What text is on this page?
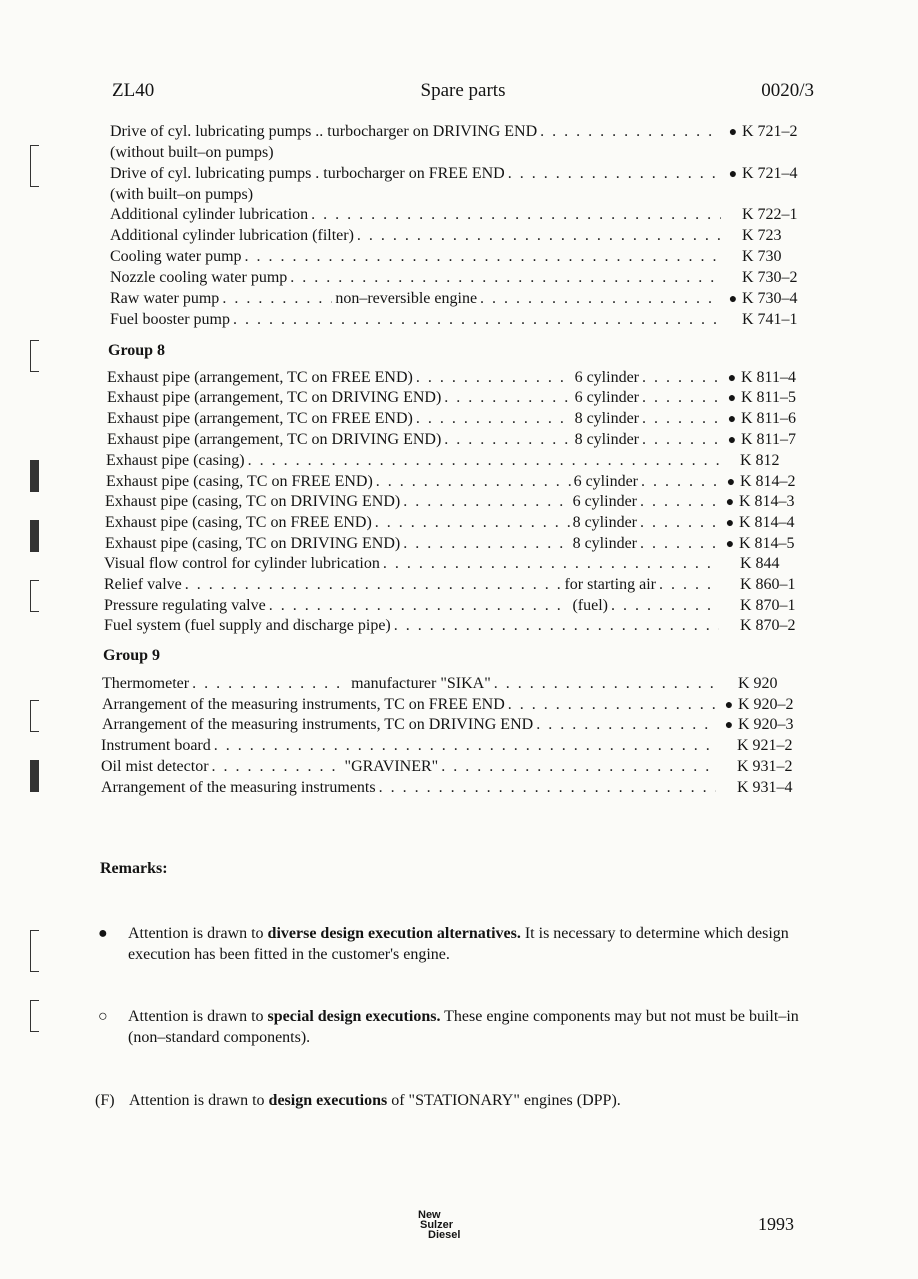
ZL40	Spare parts	0020/3
Drive of cyl. lubricating pumps .. turbocharger on DRIVING END . . .	● K 721–2
(without built–on pumps)
Drive of cyl. lubricating pumps . turbocharger on FREE END . . .	● K 721–4
(with built–on pumps)
Additional cylinder lubrication . . .	K 722–1
Additional cylinder lubrication (filter) . . .	K 723
Cooling water pump . . .	K 730
Nozzle cooling water pump . . .	K 730–2
Raw water pump . . .	non–reversible engine . . .	● K 730–4
Fuel booster pump . . .	K 741–1
Group 8
Exhaust pipe (arrangement, TC on FREE END) . . .	6 cylinder . . .	● K 811–4
Exhaust pipe (arrangement, TC on DRIVING END) . . .	6 cylinder . . .	● K 811–5
Exhaust pipe (arrangement, TC on FREE END) . . .	8 cylinder . . .	● K 811–6
Exhaust pipe (arrangement, TC on DRIVING END) . . .	8 cylinder . . .	● K 811–7
Exhaust pipe (casing) . . .	K 812
Exhaust pipe (casing, TC on FREE END) . . .	6 cylinder . . .	● K 814–2
Exhaust pipe (casing, TC on DRIVING END) . . .	6 cylinder . . .	● K 814–3
Exhaust pipe (casing, TC on FREE END) . . .	8 cylinder . . .	● K 814–4
Exhaust pipe (casing, TC on DRIVING END) . . .	8 cylinder . . .	● K 814–5
Visual flow control for cylinder lubrication . . .	K 844
Relief valve . . .	for starting air . . .	K 860–1
Pressure regulating valve . . .	(fuel) . . .	K 870–1
Fuel system (fuel supply and discharge pipe) . . .	K 870–2
Group 9
Thermometer . . .	manufacturer "SIKA" . . .	K 920
Arrangement of the measuring instruments, TC on FREE END . . .	● K 920–2
Arrangement of the measuring instruments, TC on DRIVING END . . .	● K 920–3
Instrument board . . .	K 921–2
Oil mist detector . . .	"GRAVINER" . . .	K 931–2
Arrangement of the measuring instruments . . .	K 931–4
Remarks:
● Attention is drawn to diverse design execution alternatives. It is necessary to determine which design execution has been fitted in the customer's engine.
○ Attention is drawn to special design executions. These engine components may but not must be built–in (non–standard components).
(F) Attention is drawn to design executions of "STATIONARY" engines (DPP).
New
Sulzer
Diesel
1993
